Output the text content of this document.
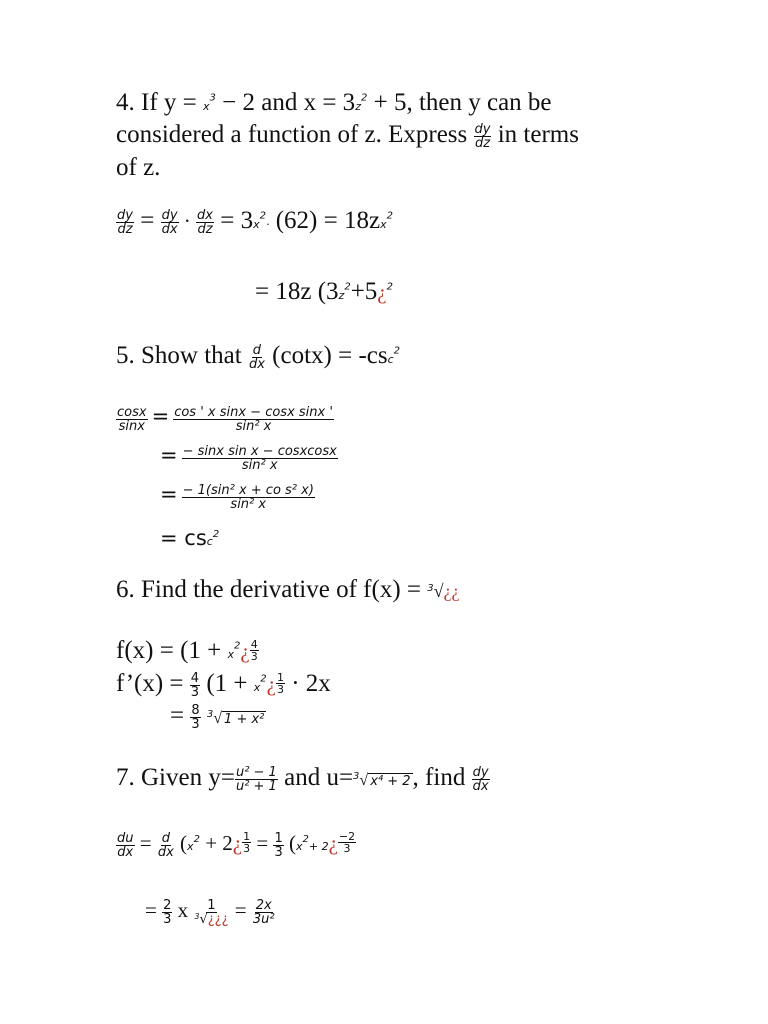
4. If $y = x^3 - 2$ and $x = 3z^2 + 5$, then y can be
considered a function of z. Express $\frac{dy}{dz}$ in terms
of z.
$\frac{dy}{dz} = \frac{dy}{dx} \cdot \frac{dx}{dz} = 3x^2\cdot (62) = 18zx^2$
= 18z ($3z^2+5¿^2$
5. Show that $\frac{d}{dx} (\cot x) = -\csc^2$
$\frac{\cos x}{\sin x} = \frac{\text{cos ' x sinx − cosx sinx '}}{\text{sin² x}}$
= $\frac{\text{− sinx sin x − cosxcosx}}{\text{sin² x}}$
= $\frac{\text{− 1(sin² x + co s² x)}}{\text{sin² x}}$
= $\csc^2$
6. Find the derivative of f(x) = $^3$√¿¿
$f(x) = (1 + x^2¿ \frac{4}{3}$
f’(x) = $\frac{4}{3} (1$ + $x^2¿ \frac{1}{3} \cdot 2x$
= $\frac{8}{3} ^3√$ 1 + x²
7. Given $y= \frac{\text{u² − 1}}{\text{u² + 1}}$ and u=$^3$√ x⁴ + 2, find $\frac{dy}{dx}$
$\frac{du}{dx} = \frac{d}{dx} (x^2$ + 2¿ $\frac{1}{3} = \frac{1}{3} (x^2+$ 2¿ $\frac{-2}{3}$
= $\frac{2}{3}$ x $\frac{1}{^3√¿¿¿} = \frac{2x}{\text{3u²}}$
